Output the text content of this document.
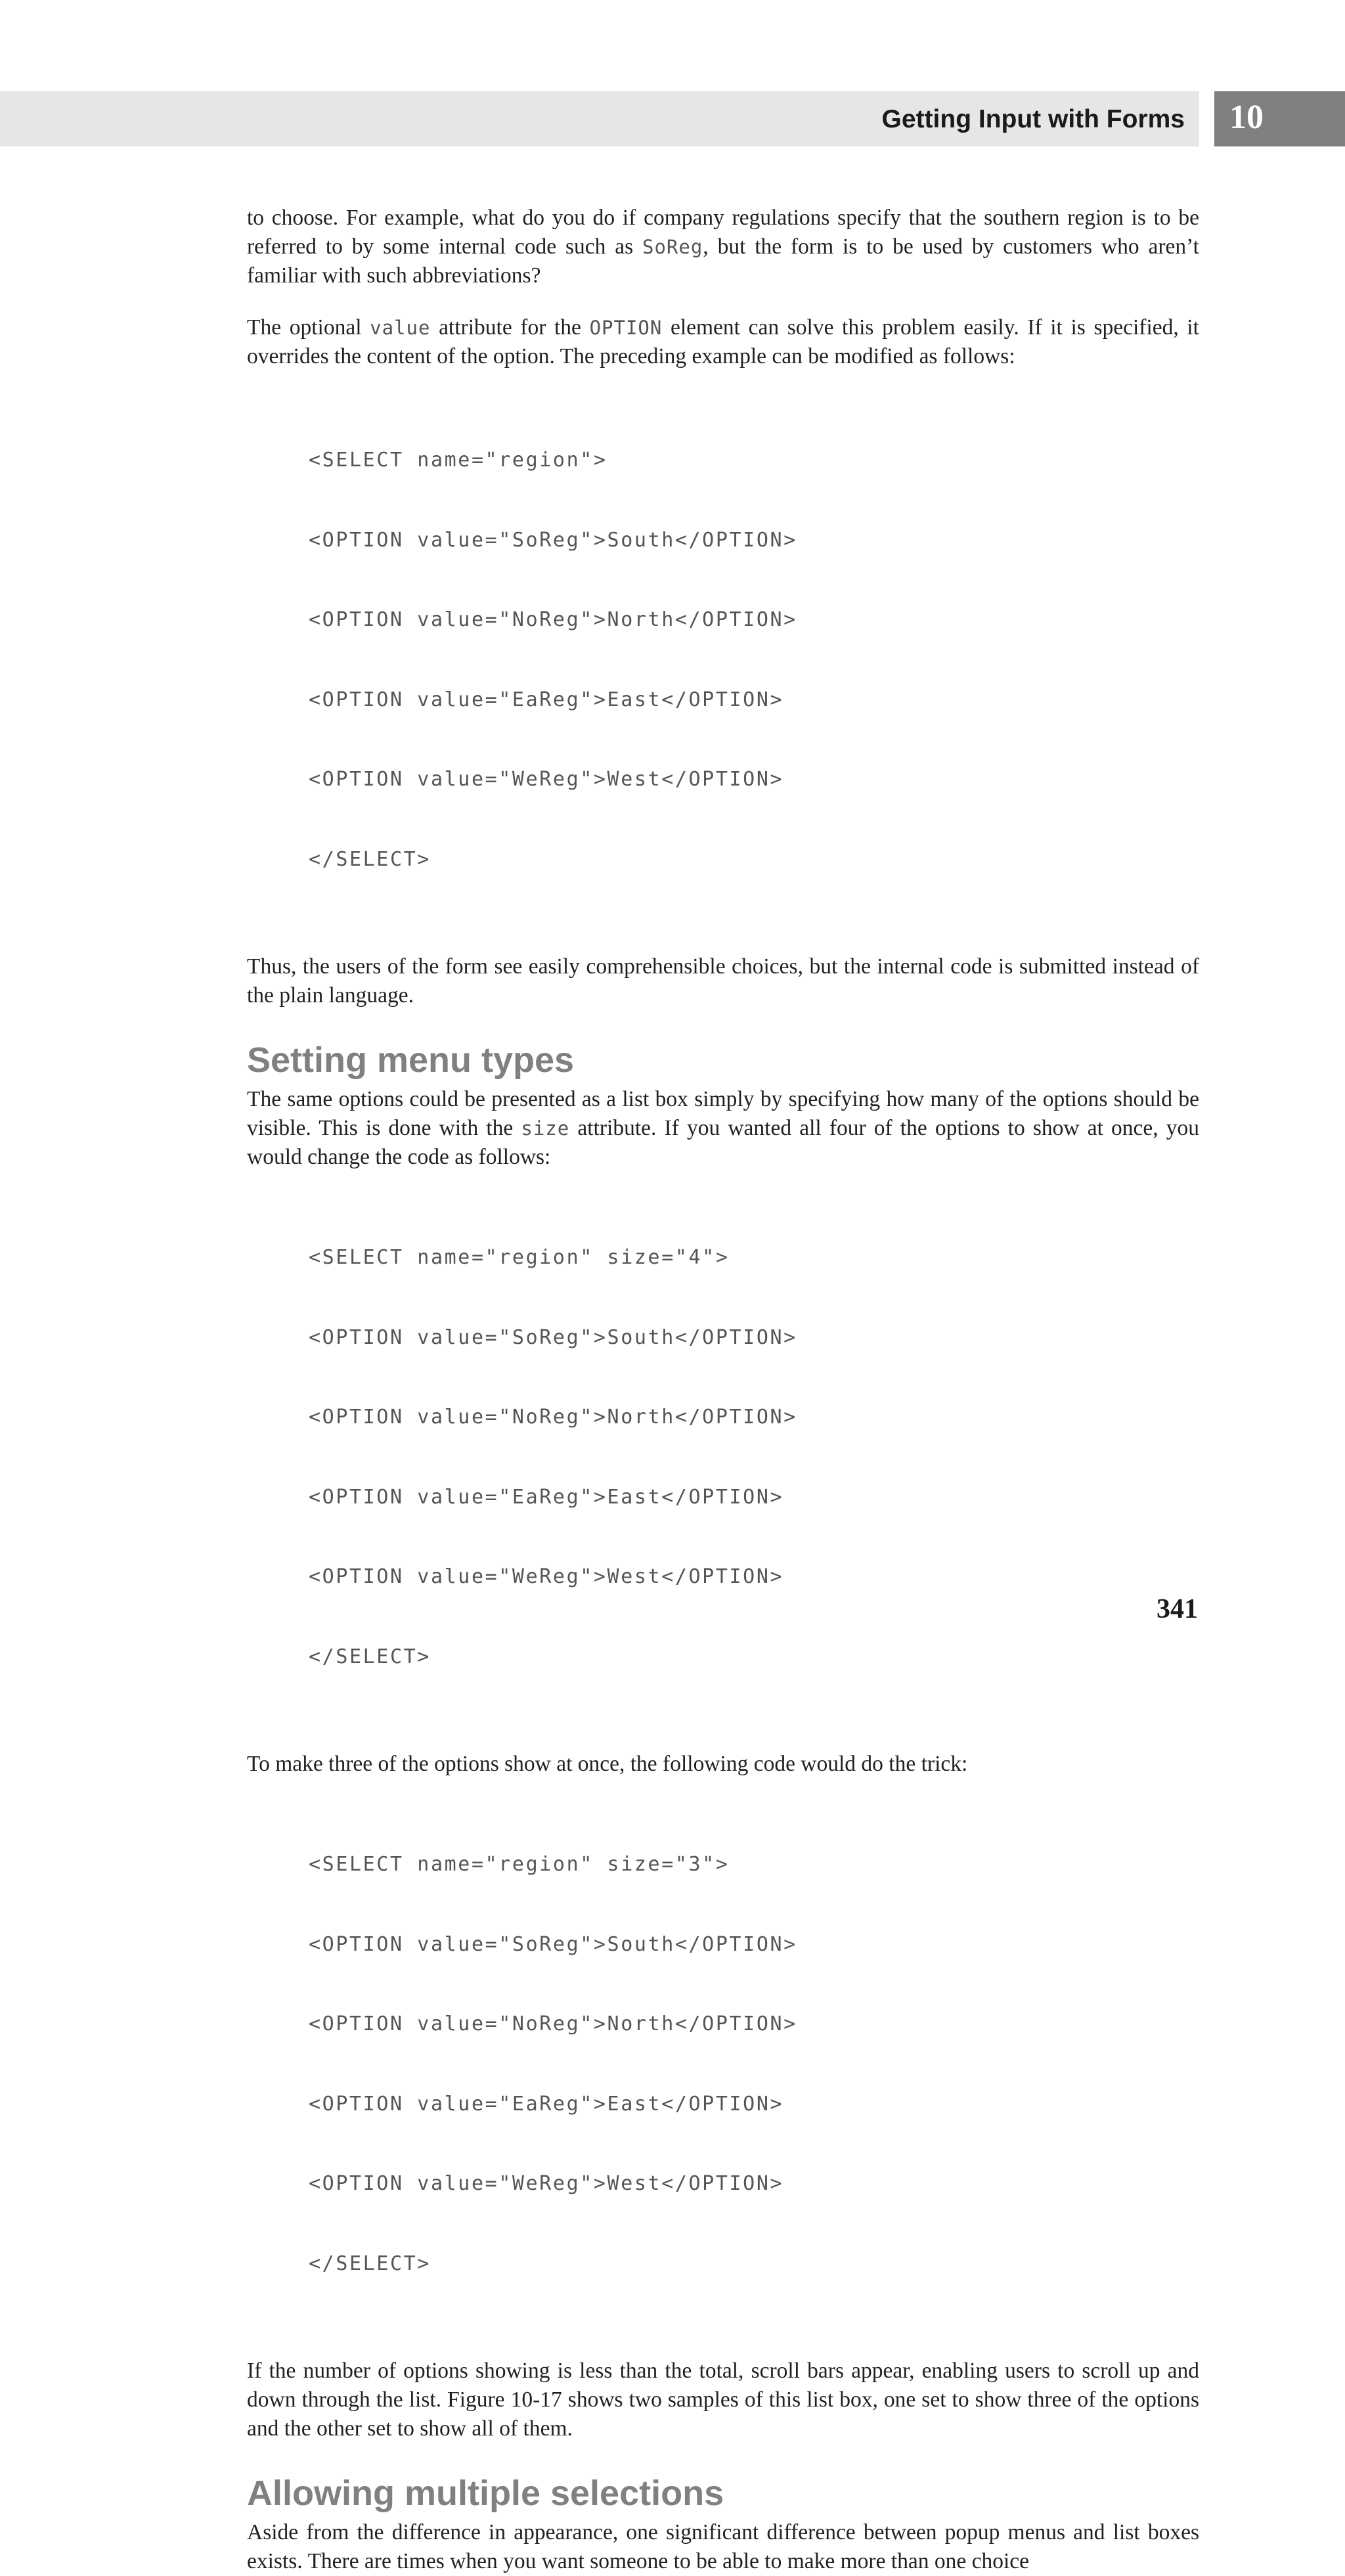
Getting Input with Forms 10

to choose. For example, what do you do if company regulations specify that the southern region is to be referred to by some internal code such as SoReg, but the form is to be used by customers who aren’t familiar with such abbreviations?

The optional value attribute for the OPTION element can solve this problem easily. If it is specified, it overrides the content of the option. The preceding example can be modified as follows:

<SELECT name="region">

<OPTION value="SoReg">South</OPTION>

<OPTION value="NoReg">North</OPTION>

<OPTION value="EaReg">East</OPTION>

<OPTION value="WeReg">West</OPTION>

</SELECT>

Thus, the users of the form see easily comprehensible choices, but the internal code is submitted instead of the plain language.

Setting menu types

The same options could be presented as a list box simply by specifying how many of the options should be visible. This is done with the size attribute. If you wanted all four of the options to show at once, you would change the code as follows:

<SELECT name="region" size="4">

<OPTION value="SoReg">South</OPTION>

<OPTION value="NoReg">North</OPTION>

<OPTION value="EaReg">East</OPTION>

<OPTION value="WeReg">West</OPTION>

</SELECT>

To make three of the options show at once, the following code would do the trick:

<SELECT name="region" size="3">

<OPTION value="SoReg">South</OPTION>

<OPTION value="NoReg">North</OPTION>

<OPTION value="EaReg">East</OPTION>

<OPTION value="WeReg">West</OPTION>

</SELECT>

If the number of options showing is less than the total, scroll bars appear, enabling users to scroll up and down through the list. Figure 10-17 shows two samples of this list box, one set to show three of the options and the other set to show all of them.

Allowing multiple selections

Aside from the difference in appearance, one significant difference between popup menus and list boxes exists. There are times when you want someone to be able to make more than one choice

341
